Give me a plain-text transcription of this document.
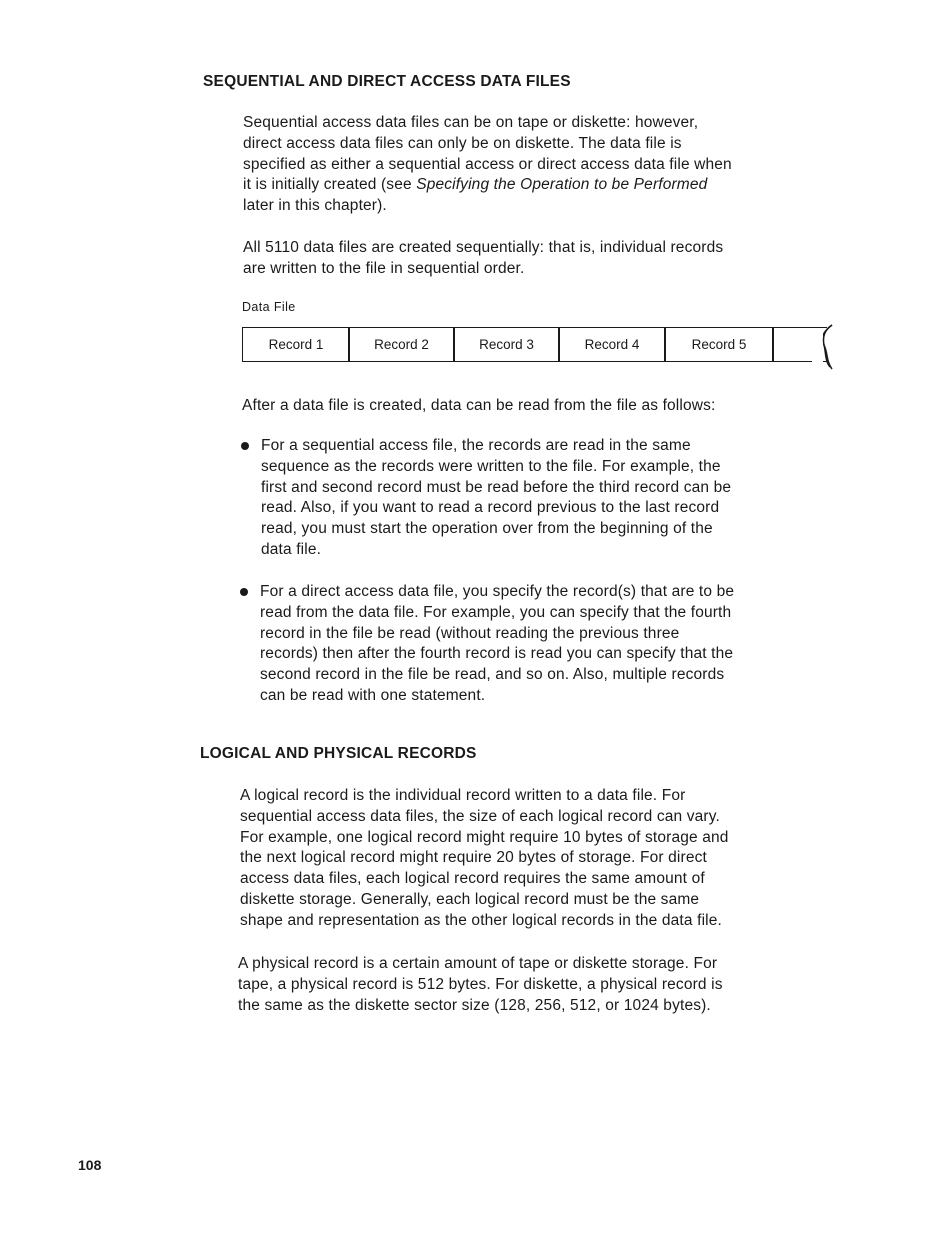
SEQUENTIAL AND DIRECT ACCESS DATA FILES

Sequential access data files can be on tape or diskette: however,
direct access data files can only be on diskette. The data file is
specified as either a sequential access or direct access data file when
it is initially created (see Specifying the Operation to be Performed
later in this chapter).

All 5110 data files are created sequentially: that is, individual records
are written to the file in sequential order.

Data File
Record 1	Record 2	Record 3	Record 4	Record 5

After a data file is created, data can be read from the file as follows:

For a sequential access file, the records are read in the same
sequence as the records were written to the file. For example, the
first and second record must be read before the third record can be
read. Also, if you want to read a record previous to the last record
read, you must start the operation over from the beginning of the
data file.

For a direct access data file, you specify the record(s) that are to be
read from the data file. For example, you can specify that the fourth
record in the file be read (without reading the previous three
records) then after the fourth record is read you can specify that the
second record in the file be read, and so on. Also, multiple records
can be read with one statement.

LOGICAL AND PHYSICAL RECORDS

A logical record is the individual record written to a data file. For
sequential access data files, the size of each logical record can vary.
For example, one logical record might require 10 bytes of storage and
the next logical record might require 20 bytes of storage. For direct
access data files, each logical record requires the same amount of
diskette storage. Generally, each logical record must be the same
shape and representation as the other logical records in the data file.

A physical record is a certain amount of tape or diskette storage. For
tape, a physical record is 512 bytes. For diskette, a physical record is
the same as the diskette sector size (128, 256, 512, or 1024 bytes).

108
